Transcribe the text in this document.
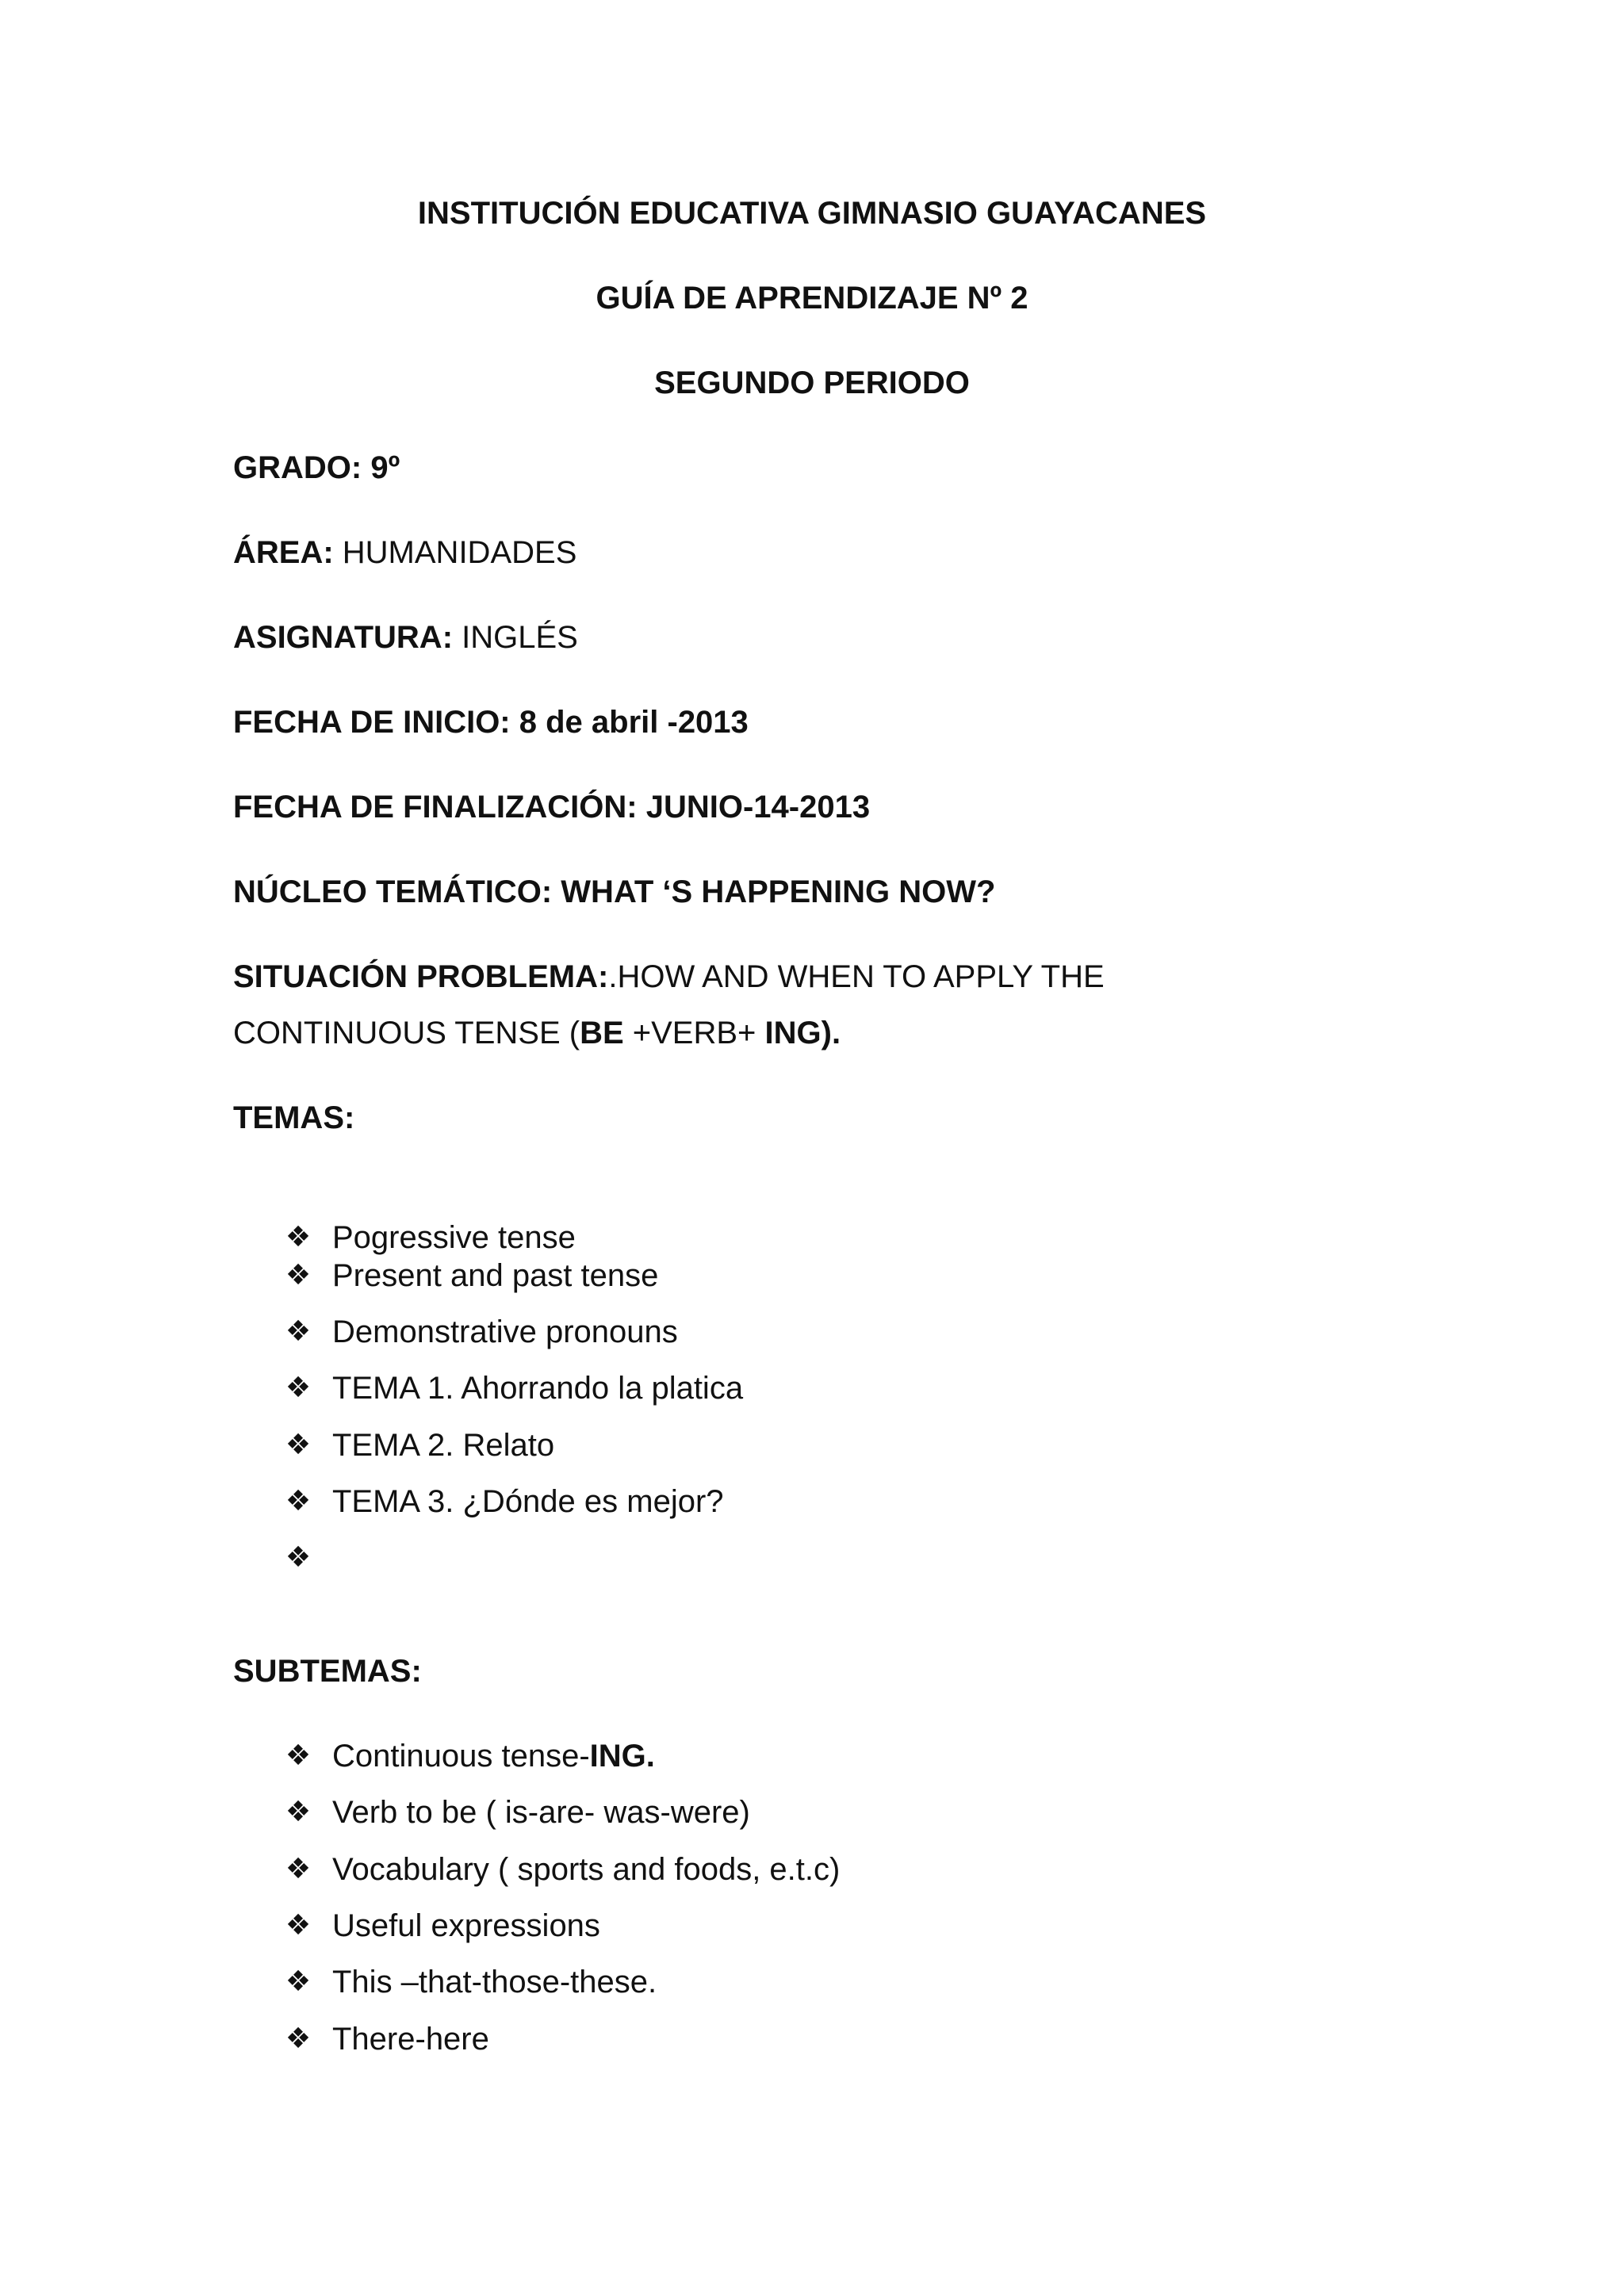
INSTITUCIÓN EDUCATIVA GIMNASIO GUAYACANES
GUÍA DE APRENDIZAJE Nº 2
SEGUNDO PERIODO
GRADO: 9º
ÁREA: HUMANIDADES
ASIGNATURA: INGLÉS
FECHA DE INICIO: 8 de abril -2013
FECHA DE FINALIZACIÓN: JUNIO-14-2013
NÚCLEO TEMÁTICO: WHAT ‘S HAPPENING NOW?
SITUACIÓN PROBLEMA:.HOW AND WHEN TO APPLY THE
CONTINUOUS TENSE (BE +VERB+ ING).
TEMAS:
❖ Pogressive tense
❖ Present and past tense
❖ Demonstrative pronouns
❖ TEMA 1. Ahorrando la platica
❖ TEMA 2. Relato
❖ TEMA 3. ¿Dónde es mejor?
❖
SUBTEMAS:
❖ Continuous tense-ING.
❖ Verb to be ( is-are- was-were)
❖ Vocabulary ( sports and foods, e.t.c)
❖ Useful expressions
❖ This –that-those-these.
❖ There-here
